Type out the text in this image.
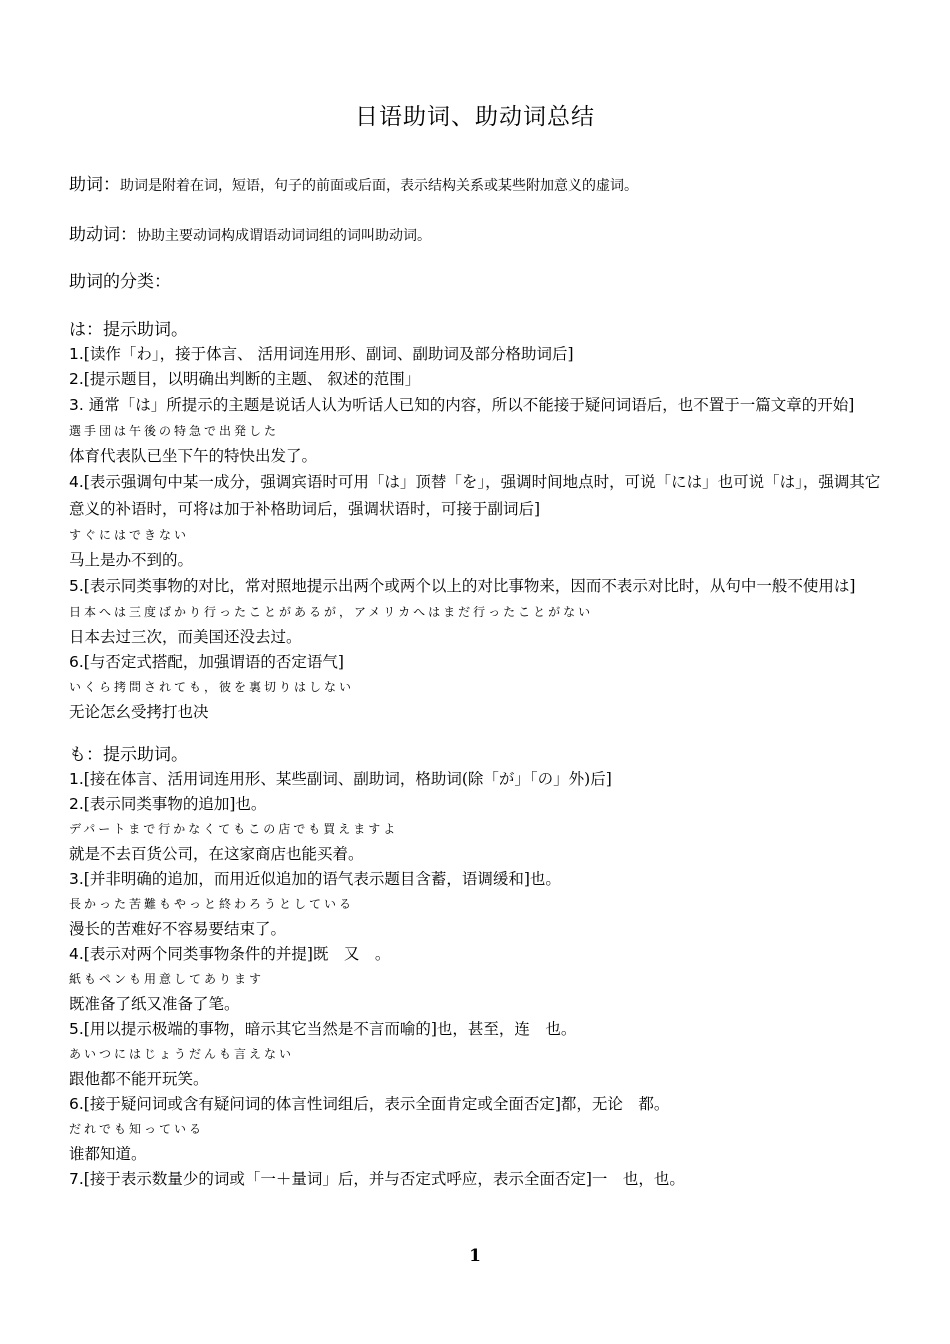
日语助词、助动词总结
助词：助词是附着在词，短语，句子的前面或后面，表示结构关系或某些附加意义的虚词。
助动词：协助主要动词构成谓语动词词组的词叫助动词。
助词的分类：
は：提示助词。
1.[读作「わ」，接于体言、 活用词连用形、副词、副助词及部分格助词后]
2.[提示题目，以明确出判断的主题、 叙述的范围」
3. 通常「は」所提示的主题是说话人认为听话人已知的内容，所以不能接于疑问词语后，也不置于一篇文章的开始]
選手団は午後の特急で出発した
体育代表队已坐下午的特快出发了。
4.[表示强调句中某一成分，强调宾语时可用「は」顶替「を」，强调时间地点时，可说「には」也可说「は」，强调其它意义的补语时，可将は加于补格助词后，强调状语时，可接于副词后]
すぐにはできない
马上是办不到的。
5.[表示同类事物的对比，常对照地提示出两个或两个以上的对比事物来，因而不表示对比时，从句中一般不使用は]
日本へは三度ばかり行ったことがあるが，アメリカへはまだ行ったことがない
日本去过三次，而美国还没去过。
6.[与否定式搭配，加强谓语的否定语气]
いくら拷問されても，彼を裏切りはしない
无论怎幺受拷打也决
も：提示助词。
1.[接在体言、活用词连用形、某些副词、副助词，格助词(除「が」「の」外)后]
2.[表示同类事物的追加]也。
デパートまで行かなくてもこの店でも買えますよ
就是不去百货公司，在这家商店也能买着。
3.[并非明确的追加，而用近似追加的语气表示题目含蓄，语调缓和]也。
長かった苦難もやっと終わろうとしている
漫长的苦难好不容易要结束了。
4.[表示对两个同类事物条件的并提]既　又　。
紙もペンも用意してあります
既准备了纸又准备了笔。
5.[用以提示极端的事物，暗示其它当然是不言而喻的]也，甚至，连　也。
あいつにはじょうだんも言えない
跟他都不能开玩笑。
6.[接于疑问词或含有疑问词的体言性词组后，表示全面肯定或全面否定]都，无论　都。
だれでも知っている
谁都知道。
7.[接于表示数量少的词或「一＋量词」后，并与否定式呼应，表示全面否定]一　也，也。
1
